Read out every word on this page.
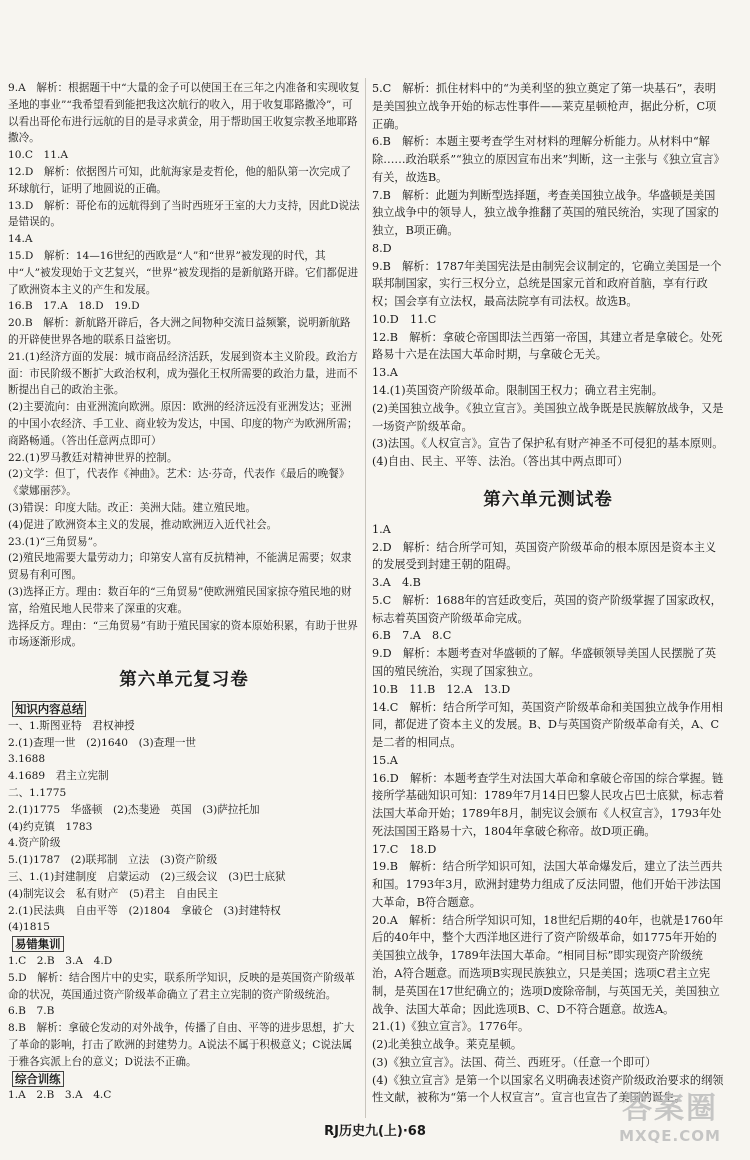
9.A　解析：根据题干中“大量的金子可以使国王在三年之内准备和实现收复圣地的事业”“我希望看到能把我这次航行的收入，用于收复耶路撒冷”，可以看出哥伦布进行远航的目的是寻求黄金，用于帮助国王收复宗教圣地耶路撒冷。
10.C　11.A
12.D　解析：依据图片可知，此航海家是麦哲伦，他的船队第一次完成了环球航行，证明了地圆说的正确。
13.D　解析：哥伦布的远航得到了当时西班牙王室的大力支持，因此D说法是错误的。
14.A
15.D　解析：14—16世纪的西欧是“人”和“世界”被发现的时代，其中“人”被发现始于文艺复兴，“世界”被发现指的是新航路开辟。它们都促进了欧洲资本主义的产生和发展。
16.B　17.A　18.D　19.D
20.B　解析：新航路开辟后，各大洲之间物种交流日益频繁，说明新航路的开辟使世界各地的联系日益密切。
21.(1)经济方面的发展：城市商品经济活跃，发展到资本主义阶段。政治方面：市民阶级不断扩大政治权利，成为强化王权所需要的政治力量，进而不断提出自己的政治主张。
(2)主要流向：由亚洲流向欧洲。原因：欧洲的经济远没有亚洲发达；亚洲的中国小农经济、手工业、商业较为发达，中国、印度的物产为欧洲所需；商路畅通。（答出任意两点即可）
22.(1)罗马教廷对精神世界的控制。
(2)文学：但丁，代表作《神曲》。艺术：达·芬奇，代表作《最后的晚餐》《蒙娜丽莎》。
(3)错误：印度大陆。改正：美洲大陆。建立殖民地。
(4)促进了欧洲资本主义的发展，推动欧洲迈入近代社会。
23.(1)“三角贸易”。
(2)殖民地需要大量劳动力；印第安人富有反抗精神，不能满足需要；奴隶贸易有利可图。
(3)选择正方。理由：数百年的“三角贸易”使欧洲殖民国家掠夺殖民地的财富，给殖民地人民带来了深重的灾难。
选择反方。理由：“三角贸易”有助于殖民国家的资本原始积累，有助于世界市场逐渐形成。
第六单元复习卷
知识内容总结
一、1.斯图亚特　君权神授
2.(1)查理一世　(2)1640　(3)查理一世
3.1688
4.1689　君主立宪制
二、1.1775
2.(1)1775　华盛顿　(2)杰斐逊　英国　(3)萨拉托加
(4)约克镇　1783
4.资产阶级
5.(1)1787　(2)联邦制　立法　(3)资产阶级
三、1.(1)封建制度　启蒙运动　(2)三级会议　(3)巴士底狱
(4)制宪议会　私有财产　(5)君主　自由民主
2.(1)民法典　自由平等　(2)1804　拿破仑　(3)封建特权
(4)1815
易错集训
1.C　2.B　3.A　4.D
5.D　解析：结合图片中的史实，联系所学知识，反映的是英国资产阶级革命的状况，英国通过资产阶级革命确立了君主立宪制的资产阶级统治。
6.B　7.B
8.B　解析：拿破仑发动的对外战争，传播了自由、平等的进步思想，扩大了革命的影响，打击了欧洲的封建势力。A说法不属于积极意义；C说法属于雅各宾派上台的意义；D说法不正确。
综合训练
1.A　2.B　3.A　4.C
5.C　解析：抓住材料中的“为美利坚的独立奠定了第一块基石”，表明是美国独立战争开始的标志性事件——莱克星顿枪声，据此分析，C项正确。
6.B　解析：本题主要考查学生对材料的理解分析能力。从材料中“解除……政治联系”“独立的原因宣布出来”判断，这一主张与《独立宣言》有关，故选B。
7.B　解析：此题为判断型选择题，考查美国独立战争。华盛顿是美国独立战争中的领导人，独立战争推翻了英国的殖民统治，实现了国家的独立，B项正确。
8.D
9.B　解析：1787年美国宪法是由制宪会议制定的，它确立美国是一个联邦制国家，实行三权分立，总统是国家元首和政府首脑，享有行政权；国会享有立法权，最高法院享有司法权。故选B。
10.D　11.C
12.B　解析：拿破仑帝国即法兰西第一帝国，其建立者是拿破仑。处死路易十六是在法国大革命时期，与拿破仑无关。
13.A
14.(1)英国资产阶级革命。限制国王权力；确立君主宪制。
(2)美国独立战争。《独立宣言》。美国独立战争既是民族解放战争，又是一场资产阶级革命。
(3)法国。《人权宣言》。宣告了保护私有财产神圣不可侵犯的基本原则。
(4)自由、民主、平等、法治。（答出其中两点即可）
第六单元测试卷
1.A
2.D　解析：结合所学可知，英国资产阶级革命的根本原因是资本主义的发展受到封建王朝的阻碍。
3.A　4.B
5.C　解析：1688年的宫廷政变后，英国的资产阶级掌握了国家政权，标志着英国资产阶级革命完成。
6.B　7.A　8.C
9.D　解析：本题考查对华盛顿的了解。华盛顿领导美国人民摆脱了英国的殖民统治，实现了国家独立。
10.B　11.B　12.A　13.D
14.C　解析：结合所学可知，英国资产阶级革命和美国独立战争作用相同，都促进了资本主义的发展。B、D与英国资产阶级革命有关，A、C是二者的相同点。
15.A
16.D　解析：本题考查学生对法国大革命和拿破仑帝国的综合掌握。链接所学基础知识可知：1789年7月14日巴黎人民攻占巴士底狱，标志着法国大革命开始；1789年8月，制宪议会颁布《人权宣言》，1793年处死法国国王路易十六，1804年拿破仑称帝。故D项正确。
17.C　18.D
19.B　解析：结合所学知识可知，法国大革命爆发后，建立了法兰西共和国。1793年3月，欧洲封建势力组成了反法同盟，他们开始干涉法国大革命，B符合题意。
20.A　解析：结合所学知识可知，18世纪后期的40年，也就是1760年后的40年中，整个大西洋地区进行了资产阶级革命，如1775年开始的美国独立战争，1789年法国大革命。“相同目标”即实现资产阶级统治，A符合题意。而选项B实现民族独立，只是美国；选项C君主立宪制，是英国在17世纪确立的；选项D废除帝制，与英国无关，美国独立战争、法国大革命；因此选项B、C、D不符合题意。故选A。
21.(1)《独立宣言》。1776年。
(2)北美独立战争。莱克星顿。
(3)《独立宣言》。法国、荷兰、西班牙。（任意一个即可）
(4)《独立宣言》是第一个以国家名义明确表述资产阶级政治要求的纲领性文献，被称为“第一个人权宣言”。宣言也宣告了美国的诞生。
RJ历史九(上)·68
答案圈
MXQE.COM
